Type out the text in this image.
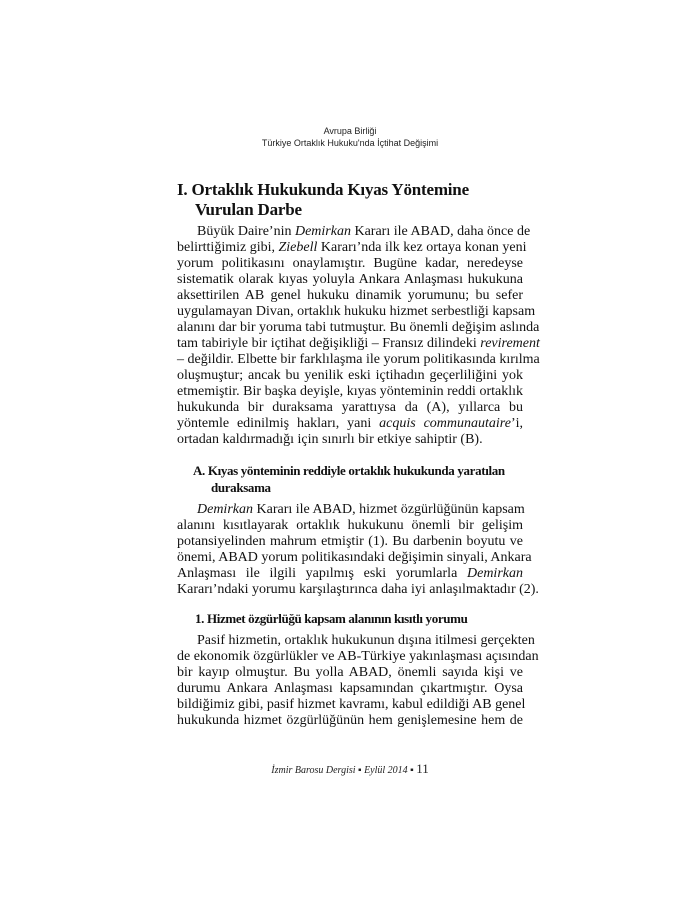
Avrupa Birliği
Türkiye Ortaklık Hukuku'nda İçtihat Değişimi
I. Ortaklık Hukukunda Kıyas Yöntemine
Vurulan Darbe
Büyük Daire’nin Demirkan Kararı ile ABAD, daha önce de
belirttiğimiz gibi, Ziebell Kararı’nda ilk kez ortaya konan yeni
yorum politikasını onaylamıştır. Bugüne kadar, neredeyse
sistematik olarak kıyas yoluyla Ankara Anlaşması hukukuna
aksettirilen AB genel hukuku dinamik yorumunu; bu sefer
uygulamayan Divan, ortaklık hukuku hizmet serbestliği kapsam
alanını dar bir yoruma tabi tutmuştur. Bu önemli değişim aslında
tam tabiriyle bir içtihat değişikliği – Fransız dilindeki revirement
– değildir. Elbette bir farklılaşma ile yorum politikasında kırılma
oluşmuştur; ancak bu yenilik eski içtihadın geçerliliğini yok
etmemiştir. Bir başka deyişle, kıyas yönteminin reddi ortaklık
hukukunda bir duraksama yarattıysa da (A), yıllarca bu
yöntemle edinilmiş hakları, yani acquis communautaire’i,
ortadan kaldırmadığı için sınırlı bir etkiye sahiptir (B).
A. Kıyas yönteminin reddiyle ortaklık hukukunda yaratılan
duraksama
Demirkan Kararı ile ABAD, hizmet özgürlüğünün kapsam
alanını kısıtlayarak ortaklık hukukunu önemli bir gelişim
potansiyelinden mahrum etmiştir (1). Bu darbenin boyutu ve
önemi, ABAD yorum politikasındaki değişimin sinyali, Ankara
Anlaşması ile ilgili yapılmış eski yorumlarla Demirkan
Kararı’ndaki yorumu karşılaştırınca daha iyi anlaşılmaktadır (2).
1. Hizmet özgürlüğü kapsam alanının kısıtlı yorumu
Pasif hizmetin, ortaklık hukukunun dışına itilmesi gerçekten
de ekonomik özgürlükler ve AB-Türkiye yakınlaşması açısından
bir kayıp olmuştur. Bu yolla ABAD, önemli sayıda kişi ve
durumu Ankara Anlaşması kapsamından çıkartmıştır. Oysa
bildiğimiz gibi, pasif hizmet kavramı, kabul edildiği AB genel
hukukunda hizmet özgürlüğünün hem genişlemesine hem de
İzmir Barosu Dergisi ▪ Eylül 2014 ▪ 11
